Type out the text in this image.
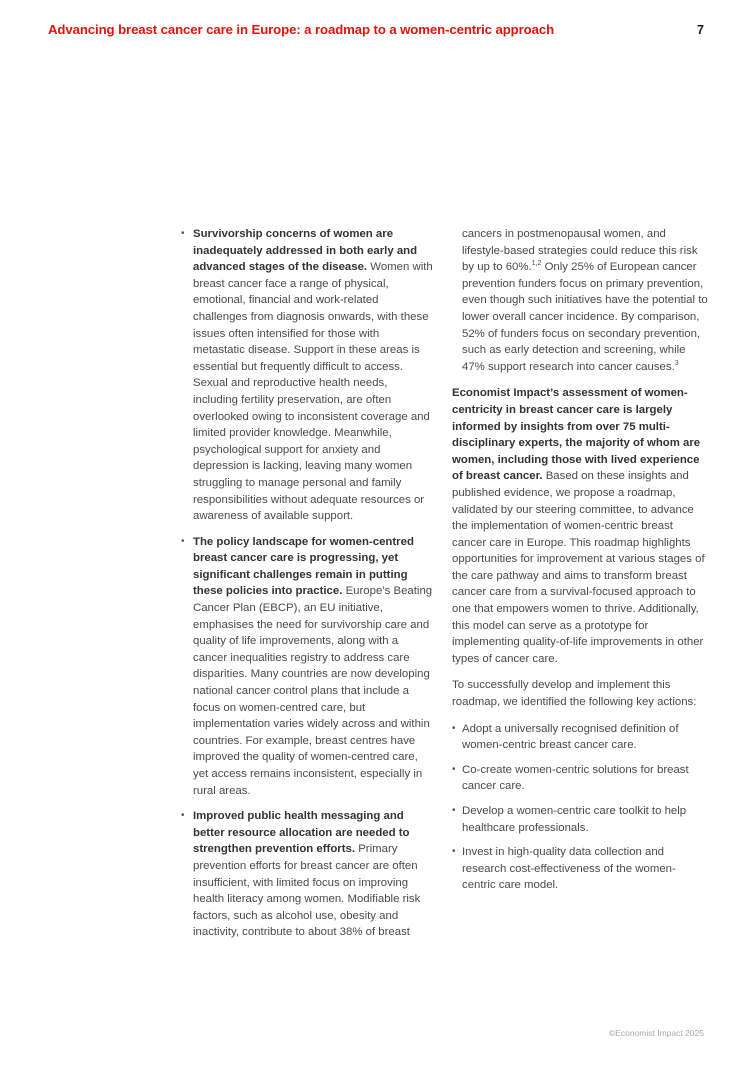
Advancing breast cancer care in Europe: a roadmap to a women-centric approach	7
• Survivorship concerns of women are inadequately addressed in both early and advanced stages of the disease. Women with breast cancer face a range of physical, emotional, financial and work-related challenges from diagnosis onwards, with these issues often intensified for those with metastatic disease. Support in these areas is essential but frequently difficult to access. Sexual and reproductive health needs, including fertility preservation, are often overlooked owing to inconsistent coverage and limited provider knowledge. Meanwhile, psychological support for anxiety and depression is lacking, leaving many women struggling to manage personal and family responsibilities without adequate resources or awareness of available support.
• The policy landscape for women-centred breast cancer care is progressing, yet significant challenges remain in putting these policies into practice. Europe’s Beating Cancer Plan (EBCP), an EU initiative, emphasises the need for survivorship care and quality of life improvements, along with a cancer inequalities registry to address care disparities. Many countries are now developing national cancer control plans that include a focus on women-centred care, but implementation varies widely across and within countries. For example, breast centres have improved the quality of women-centred care, yet access remains inconsistent, especially in rural areas.
• Improved public health messaging and better resource allocation are needed to strengthen prevention efforts. Primary prevention efforts for breast cancer are often insufficient, with limited focus on improving health literacy among women. Modifiable risk factors, such as alcohol use, obesity and inactivity, contribute to about 38% of breast

cancers in postmenopausal women, and lifestyle-based strategies could reduce this risk by up to 60%.$^{1,2}$ Only 25% of European cancer prevention funders focus on primary prevention, even though such initiatives have the potential to lower overall cancer incidence. By comparison, 52% of funders focus on secondary prevention, such as early detection and screening, while 47% support research into cancer causes.$^3$

Economist Impact’s assessment of women-centricity in breast cancer care is largely informed by insights from over 75 multi-disciplinary experts, the majority of whom are women, including those with lived experience of breast cancer. Based on these insights and published evidence, we propose a roadmap, validated by our steering committee, to advance the implementation of women-centric breast cancer care in Europe. This roadmap highlights opportunities for improvement at various stages of the care pathway and aims to transform breast cancer care from a survival-focused approach to one that empowers women to thrive. Additionally, this model can serve as a prototype for implementing quality-of-life improvements in other types of cancer care.

To successfully develop and implement this roadmap, we identified the following key actions:

• Adopt a universally recognised definition of women-centric breast cancer care.
• Co-create women-centric solutions for breast cancer care.
• Develop a women-centric care toolkit to help healthcare professionals.
• Invest in high-quality data collection and research cost-effectiveness of the women-centric care model.
©Economist Impact 2025
